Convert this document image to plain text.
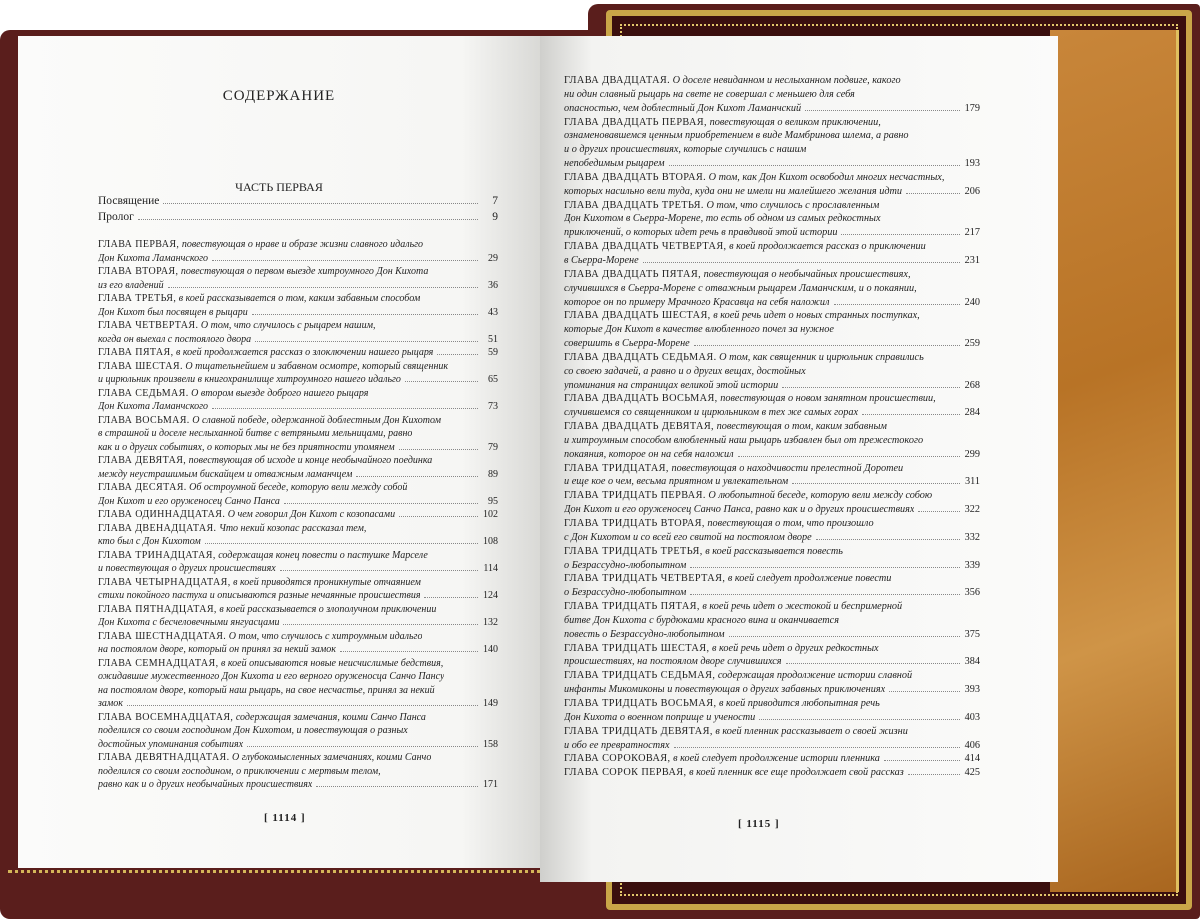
СОДЕРЖАНИЕ
ЧАСТЬ ПЕРВАЯ
Посвящение	7
Пролог	9
ГЛАВА ПЕРВАЯ, повествующая о нраве и образе жизни славного идальго
Дон Кихота Ламанчского	29
ГЛАВА ВТОРАЯ, повествующая о первом выезде хитроумного Дон Кихота
из его владений	36
ГЛАВА ТРЕТЬЯ, в коей рассказывается о том, каким забавным способом
Дон Кихот был посвящен в рыцари	43
ГЛАВА ЧЕТВЕРТАЯ. О том, что случилось с рыцарем нашим,
когда он выехал с постоялого двора	51
ГЛАВА ПЯТАЯ, в коей продолжается рассказ о злоключении нашего рыцаря	59
ГЛАВА ШЕСТАЯ. О тщательнейшем и забавном осмотре, который священник
и цирюльник произвели в книгохранилище хитроумного нашего идальго	65
ГЛАВА СЕДЬМАЯ. О втором выезде доброго нашего рыцаря
Дон Кихота Ламанчского	73
ГЛАВА ВОСЬМАЯ. О славной победе, одержанной доблестным Дон Кихотом
в страшной и доселе неслыханной битве с ветряными мельницами, равно
как и о других событиях, о которых мы не без приятности упомянем	79
ГЛАВА ДЕВЯТАЯ, повествующая об исходе и конце необычайного поединка
между неустрашимым бискайцем и отважным ламанчцем	89
ГЛАВА ДЕСЯТАЯ. Об остроумной беседе, которую вели между собой
Дон Кихот и его оруженосец Санчо Панса	95
ГЛАВА ОДИННАДЦАТАЯ. О чем говорил Дон Кихот с козопасами	102
ГЛАВА ДВЕНАДЦАТАЯ. Что некий козопас рассказал тем,
кто был с Дон Кихотом	108
ГЛАВА ТРИНАДЦАТАЯ, содержащая конец повести о пастушке Марселе
и повествующая о других происшествиях	114
ГЛАВА ЧЕТЫРНАДЦАТАЯ, в коей приводятся проникнутые отчаянием
стихи покойного пастуха и описываются разные нечаянные происшествия	124
ГЛАВА ПЯТНАДЦАТАЯ, в коей рассказывается о злополучном приключении
Дон Кихота с бесчеловечными янгуасцами	132
ГЛАВА ШЕСТНАДЦАТАЯ. О том, что случилось с хитроумным идальго
на постоялом дворе, который он принял за некий замок	140
ГЛАВА СЕМНАДЦАТАЯ, в коей описываются новые неисчислимые бедствия,
ожидавшие мужественного Дон Кихота и его верного оруженосца Санчо Пансу
на постоялом дворе, который наш рыцарь, на свое несчастье, принял за некий
замок	149
ГЛАВА ВОСЕМНАДЦАТАЯ, содержащая замечания, коими Санчо Панса
поделился со своим господином Дон Кихотом, и повествующая о разных
достойных упоминания событиях	158
ГЛАВА ДЕВЯТНАДЦАТАЯ. О глубокомысленных замечаниях, коими Санчо
поделился со своим господином, о приключении с мертвым телом,
равно как и о других необычайных происшествиях	171
[ 1114 ]
ГЛАВА ДВАДЦАТАЯ. О доселе невиданном и неслыханном подвиге, какого
ни один славный рыцарь на свете не совершал с меньшею для себя
опасностью, чем доблестный Дон Кихот Ламанчский	179
ГЛАВА ДВАДЦАТЬ ПЕРВАЯ, повествующая о великом приключении,
ознаменовавшемся ценным приобретением в виде Мамбринова шлема, а равно
и о других происшествиях, которые случились с нашим
непобедимым рыцарем	193
ГЛАВА ДВАДЦАТЬ ВТОРАЯ. О том, как Дон Кихот освободил многих несчастных,
которых насильно вели туда, куда они не имели ни малейшего желания идти	206
ГЛАВА ДВАДЦАТЬ ТРЕТЬЯ. О том, что случилось с прославленным
Дон Кихотом в Сьерра-Морене, то есть об одном из самых редкостных
приключений, о которых идет речь в правдивой этой истории	217
ГЛАВА ДВАДЦАТЬ ЧЕТВЕРТАЯ, в коей продолжается рассказ о приключении
в Сьерра-Морене	231
ГЛАВА ДВАДЦАТЬ ПЯТАЯ, повествующая о необычайных происшествиях,
случившихся в Сьерра-Морене с отважным рыцарем Ламанчским, и о покаянии,
которое он по примеру Мрачного Красавца на себя наложил	240
ГЛАВА ДВАДЦАТЬ ШЕСТАЯ, в коей речь идет о новых странных поступках,
которые Дон Кихот в качестве влюбленного почел за нужное
совершить в Сьерра-Морене	259
ГЛАВА ДВАДЦАТЬ СЕДЬМАЯ. О том, как священник и цирюльник справились
со своею задачей, а равно и о других вещах, достойных
упоминания на страницах великой этой истории	268
ГЛАВА ДВАДЦАТЬ ВОСЬМАЯ, повествующая о новом занятном происшествии,
случившемся со священником и цирюльником в тех же самых горах	284
ГЛАВА ДВАДЦАТЬ ДЕВЯТАЯ, повествующая о том, каким забавным
и хитроумным способом влюбленный наш рыцарь избавлен был от прежестокого
покаяния, которое он на себя наложил	299
ГЛАВА ТРИДЦАТАЯ, повествующая о находчивости прелестной Доротеи
и еще кое о чем, весьма приятном и увлекательном	311
ГЛАВА ТРИДЦАТЬ ПЕРВАЯ. О любопытной беседе, которую вели между собою
Дон Кихот и его оруженосец Санчо Панса, равно как и о других происшествиях	322
ГЛАВА ТРИДЦАТЬ ВТОРАЯ, повествующая о том, что произошло
с Дон Кихотом и со всей его свитой на постоялом дворе	332
ГЛАВА ТРИДЦАТЬ ТРЕТЬЯ, в коей рассказывается повесть
о Безрассудно-любопытном	339
ГЛАВА ТРИДЦАТЬ ЧЕТВЕРТАЯ, в коей следует продолжение повести
о Безрассудно-любопытном	356
ГЛАВА ТРИДЦАТЬ ПЯТАЯ, в коей речь идет о жестокой и беспримерной
битве Дон Кихота с бурдюками красного вина и оканчивается
повесть о Безрассудно-любопытном	375
ГЛАВА ТРИДЦАТЬ ШЕСТАЯ, в коей речь идет о других редкостных
происшествиях, на постоялом дворе случившихся	384
ГЛАВА ТРИДЦАТЬ СЕДЬМАЯ, содержащая продолжение истории славной
инфанты Микомиконы и повествующая о других забавных приключениях	393
ГЛАВА ТРИДЦАТЬ ВОСЬМАЯ, в коей приводится любопытная речь
Дон Кихота о военном поприще и учености	403
ГЛАВА ТРИДЦАТЬ ДЕВЯТАЯ, в коей пленник рассказывает о своей жизни
и обо ее превратностях	406
ГЛАВА СОРОКОВАЯ, в коей следует продолжение истории пленника	414
ГЛАВА СОРОК ПЕРВАЯ, в коей пленник все еще продолжает свой рассказ	425
[ 1115 ]
